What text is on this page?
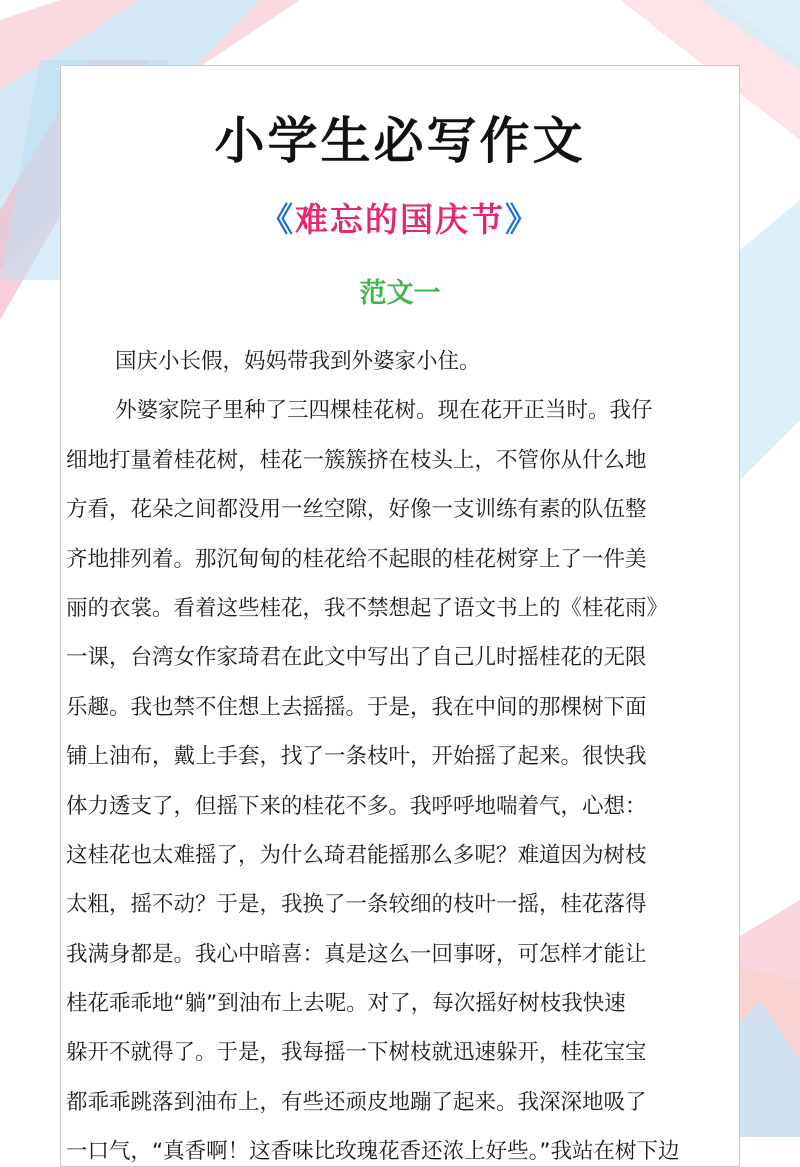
小学生必写作文
《难忘的国庆节》
范文一
国庆小长假，妈妈带我到外婆家小住。
外婆家院子里种了三四棵桂花树。现在花开正当时。我仔
细地打量着桂花树，桂花一簇簇挤在枝头上，不管你从什么地
方看，花朵之间都没用一丝空隙，好像一支训练有素的队伍整
齐地排列着。那沉甸甸的桂花给不起眼的桂花树穿上了一件美
丽的衣裳。看着这些桂花，我不禁想起了语文书上的《桂花雨》
一课，台湾女作家琦君在此文中写出了自己儿时摇桂花的无限
乐趣。我也禁不住想上去摇摇。于是，我在中间的那棵树下面
铺上油布，戴上手套，找了一条枝叶，开始摇了起来。很快我
体力透支了，但摇下来的桂花不多。我呼呼地喘着气，心想：
这桂花也太难摇了，为什么琦君能摇那么多呢？难道因为树枝
太粗，摇不动？于是，我换了一条较细的枝叶一摇，桂花落得
我满身都是。我心中暗喜：真是这么一回事呀，可怎样才能让
桂花乖乖地“躺”到油布上去呢。对了，每次摇好树枝我快速
躲开不就得了。于是，我每摇一下树枝就迅速躲开，桂花宝宝
都乖乖跳落到油布上，有些还顽皮地蹦了起来。我深深地吸了
一口气，“真香啊！这香味比玫瑰花香还浓上好些。”我站在树下边
